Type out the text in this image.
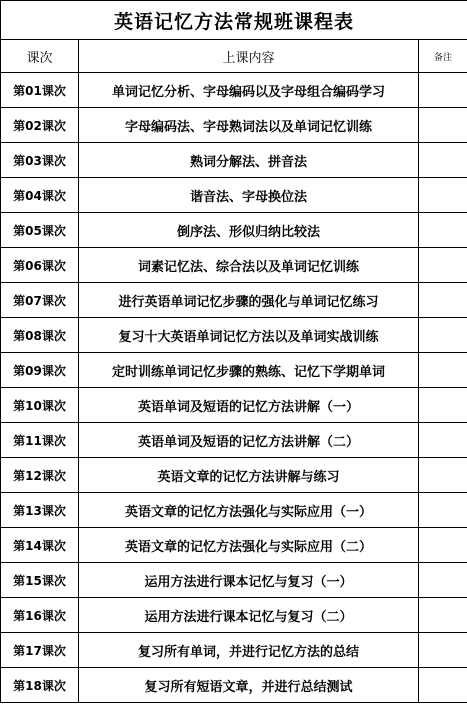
英语记忆方法常规班课程表		
课次	上课内容	备注
第01课次	单词记忆分析、字母编码以及字母组合编码学习	
第02课次	字母编码法、字母熟词法以及单词记忆训练	
第03课次	熟词分解法、拼音法	
第04课次	谐音法、字母换位法	
第05课次	倒序法、形似归纳比较法	
第06课次	词素记忆法、综合法以及单词记忆训练	
第07课次	进行英语单词记忆步骤的强化与单词记忆练习	
第08课次	复习十大英语单词记忆方法以及单词实战训练	
第09课次	定时训练单词记忆步骤的熟练、记忆下学期单词	
第10课次	英语单词及短语的记忆方法讲解（一）	
第11课次	英语单词及短语的记忆方法讲解（二）	
第12课次	英语文章的记忆方法讲解与练习	
第13课次	英语文章的记忆方法强化与实际应用（一）	
第14课次	英语文章的记忆方法强化与实际应用（二）	
第15课次	运用方法进行课本记忆与复习（一）	
第16课次	运用方法进行课本记忆与复习（二）	
第17课次	复习所有单词，并进行记忆方法的总结	
第18课次	复习所有短语文章，并进行总结测试	
